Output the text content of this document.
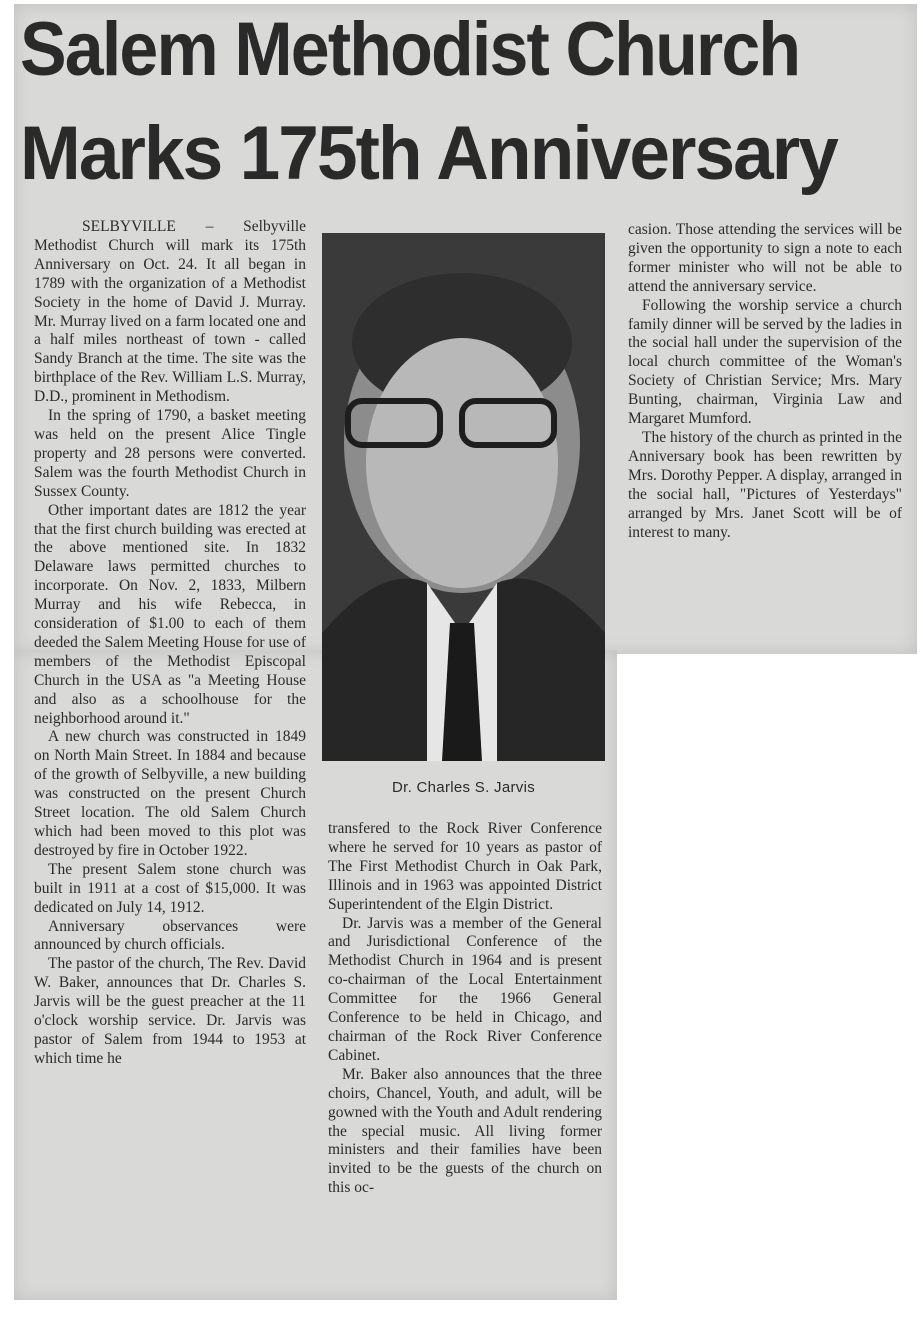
Salem Methodist Church
Marks 175th Anniversary

SELBYVILLE – Selbyville Methodist Church will mark its 175th Anniversary on Oct. 24. It all began in 1789 with the organization of a Methodist Society in the home of David J. Murray. Mr. Murray lived on a farm located one and a half miles northeast of town - called Sandy Branch at the time. The site was the birthplace of the Rev. William L.S. Murray, D.D., prominent in Methodism.

In the spring of 1790, a basket meeting was held on the present Alice Tingle property and 28 persons were converted. Salem was the fourth Methodist Church in Sussex County.

Other important dates are 1812 the year that the first church building was erected at the above mentioned site. In 1832 Delaware laws permitted churches to incorporate. On Nov. 2, 1833, Milbern Murray and his wife Rebecca, in consideration of $1.00 to each of them deeded the Salem Meeting House for use of members of the Methodist Episcopal Church in the USA as "a Meeting House and also as a schoolhouse for the neighborhood around it."

A new church was constructed in 1849 on North Main Street. In 1884 and because of the growth of Selbyville, a new building was constructed on the present Church Street location. The old Salem Church which had been moved to this plot was destroyed by fire in October 1922.

The present Salem stone church was built in 1911 at a cost of $15,000. It was dedicated on July 14, 1912.

Anniversary observances were announced by church officials.

The pastor of the church, The Rev. David W. Baker, announces that Dr. Charles S. Jarvis will be the guest preacher at the 11 o'clock worship service. Dr. Jarvis was pastor of Salem from 1944 to 1953 at which time he

Dr. Charles S. Jarvis

transfered to the Rock River Conference where he served for 10 years as pastor of The First Methodist Church in Oak Park, Illinois and in 1963 was appointed District Superintendent of the Elgin District.

Dr. Jarvis was a member of the General and Jurisdictional Conference of the Methodist Church in 1964 and is present co-chairman of the Local Entertainment Committee for the 1966 General Conference to be held in Chicago, and chairman of the Rock River Conference Cabinet.

Mr. Baker also announces that the three choirs, Chancel, Youth, and adult, will be gowned with the Youth and Adult rendering the special music. All living former ministers and their families have been invited to be the guests of the church on this oc-

casion. Those attending the services will be given the opportunity to sign a note to each former minister who will not be able to attend the anniversary service.

Following the worship service a church family dinner will be served by the ladies in the social hall under the supervision of the local church committee of the Woman's Society of Christian Service; Mrs. Mary Bunting, chairman, Virginia Law and Margaret Mumford.

The history of the church as printed in the Anniversary book has been rewritten by Mrs. Dorothy Pepper. A display, arranged in the social hall, "Pictures of Yesterdays" arranged by Mrs. Janet Scott will be of interest to many.
